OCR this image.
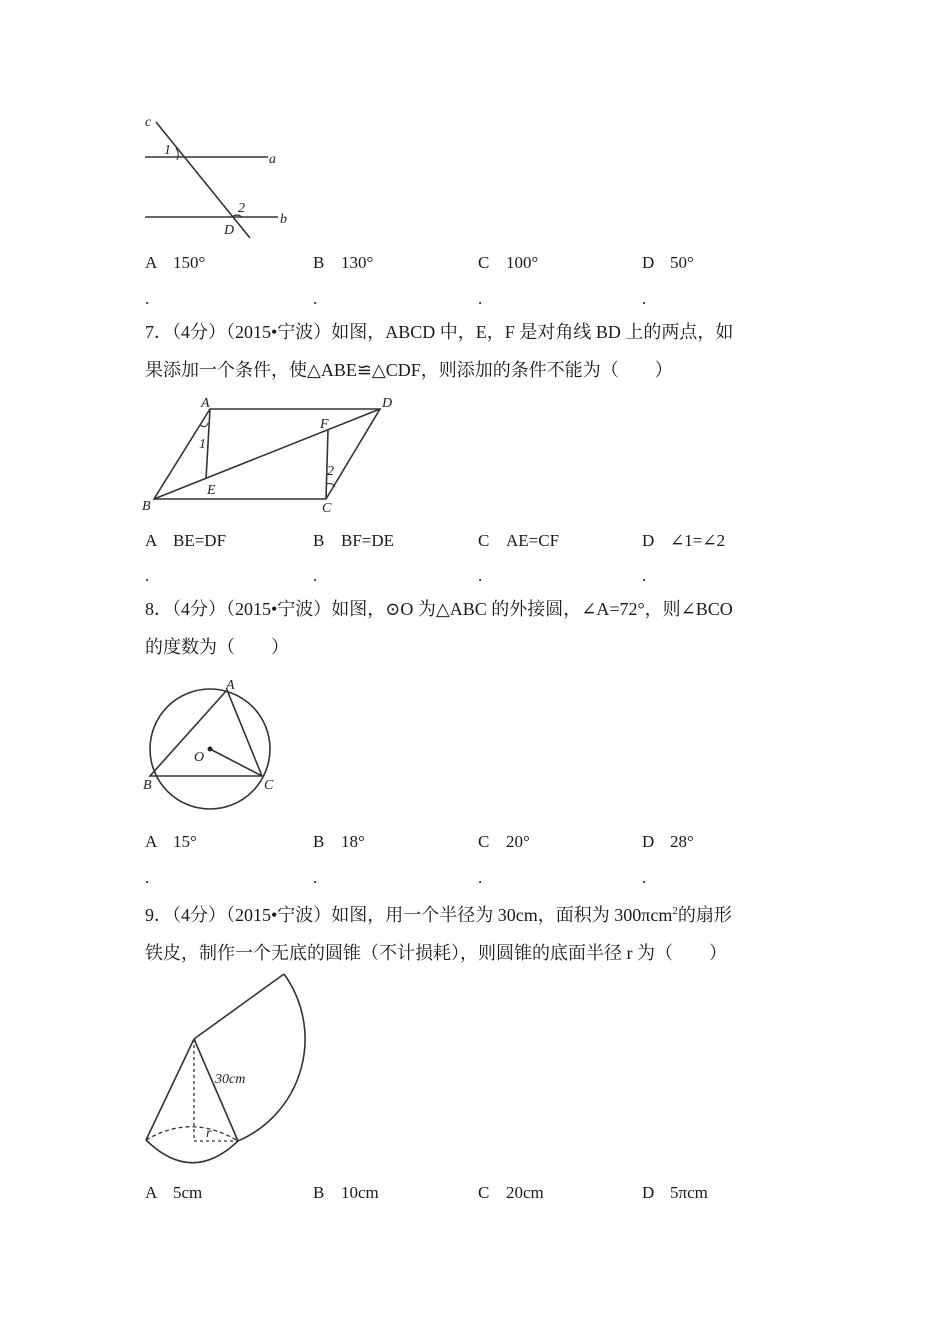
c
1
a
2
b
D
A 150°	B 130°	C 100°	D 50°
.	.	.	.

7．（4分）（2015•宁波）如图，ABCD 中，E，F 是对角线 BD 上的两点，如

果添加一个条件，使△ABE≌△CDF，则添加的条件不能为（　　）

A	D
F
1
2
E
B	C
A BE=DF	B BF=DE	C AE=CF	D ∠1=∠2
.	.	.	.

8．（4分）（2015•宁波）如图，⊙O 为△ABC 的外接圆，∠A=72°，则∠BCO

的度数为（　　）

A
O
B	C
A 15°	B 18°	C 20°	D 28°
.	.	.	.

9．（4分）（2015•宁波）如图，用一个半径为 30cm，面积为 300πcm$^2$的扇形

铁皮，制作一个无底的圆锥（不计损耗），则圆锥的底面半径 r 为（　　）

30cm
r
A 5cm	B 10cm	C 20cm	D 5πcm
